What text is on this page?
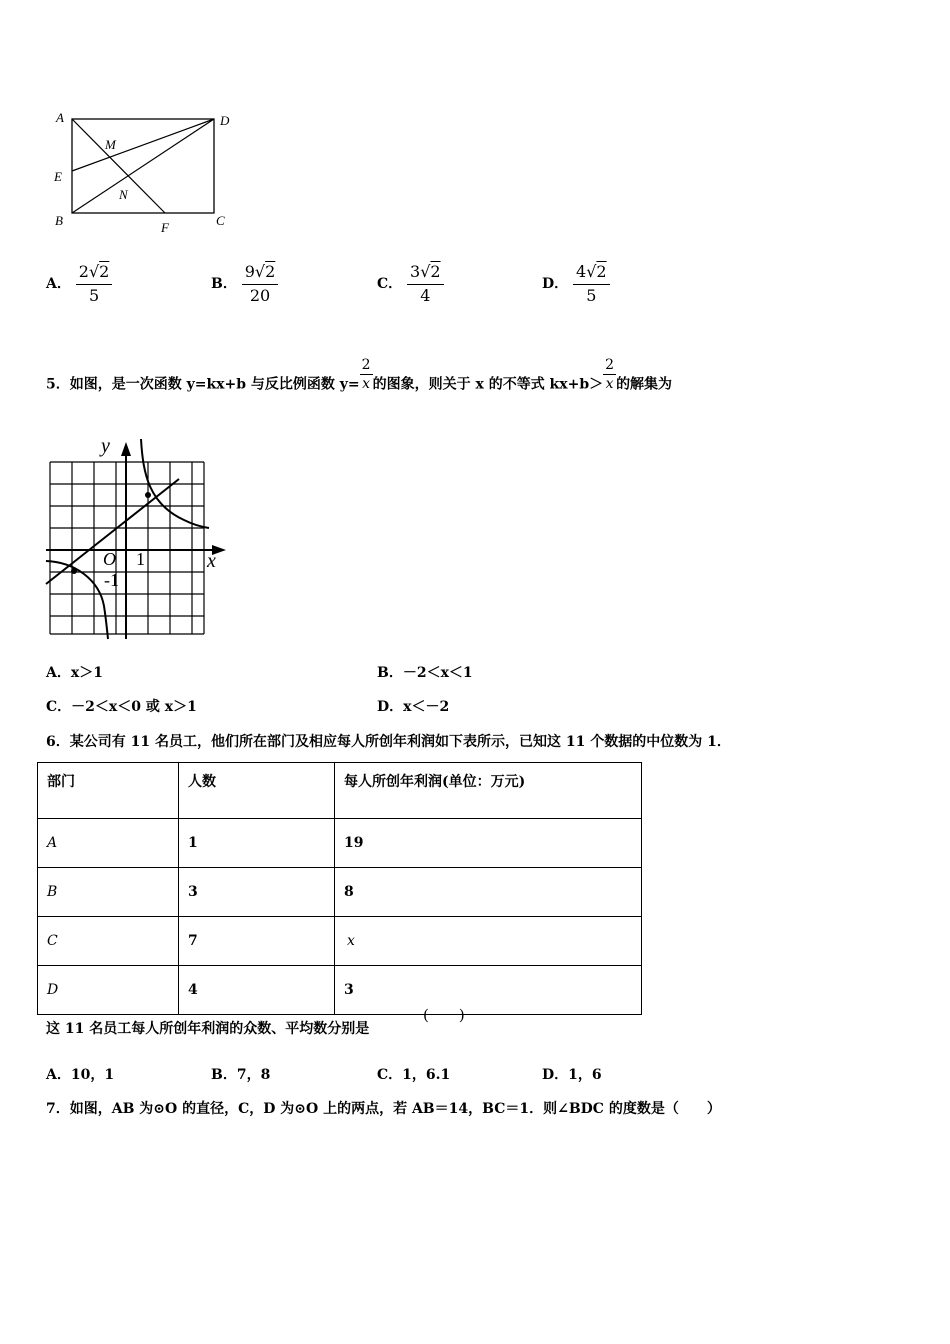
A	D
M
E
N
B	F	C
A． $\frac{2√2}{5}$	B． $\frac{9√2}{20}$	C． $\frac{3√2}{4}$	D． $\frac{4√2}{5}$
5．如图，是一次函数 y=kx+b 与反比例函数 $y= \frac{2}{x}$ 的图象，则关于 x 的不等式 $kx+b> \frac{2}{x}$ 的解集为
y
x
O 1
-1
A．x＞1	B．－2＜x＜1
C．－2＜x＜0 或 x＞1	D．x＜－2
6．某公司有 11 名员工，他们所在部门及相应每人所创年利润如下表所示，已知这 11 个数据的中位数为 1．
部门	人数	每人所创年利润(单位：万元)
A	1	19
B	3	8
C	7	x
D	4	3
这 11 名员工每人所创年利润的众数、平均数分别是
(　　)
A．10，1	B．7，8	C．1，6.1	D．1，6
7．如图，AB 为⊙O 的直径，C，D 为⊙O 上的两点，若 AB＝14，BC＝1．则∠BDC 的度数是（　　）
